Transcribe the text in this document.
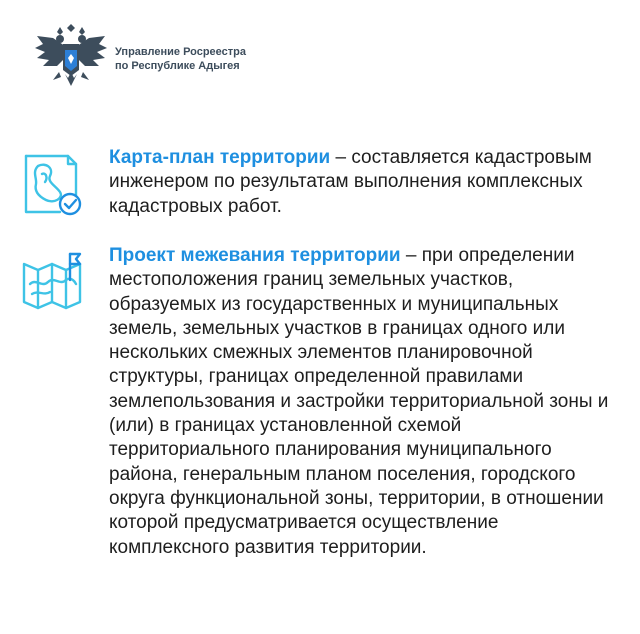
Управление Росреестра
по Республике Адыгея
Карта-план территории – составляется кадастровым инженером по результатам выполнения комплексных кадастровых работ.
Проект межевания территории – при определении местоположения границ земельных участков, образуемых из государственных и муниципальных земель, земельных участков в границах одного или нескольких смежных элементов планировочной структуры, границах определенной правилами землепользования и застройки территориальной зоны и (или) в границах установленной схемой территориального планирования муниципального района, генеральным планом поселения, городского округа функциональной зоны, территории, в отношении которой предусматривается осуществление комплексного развития территории.
